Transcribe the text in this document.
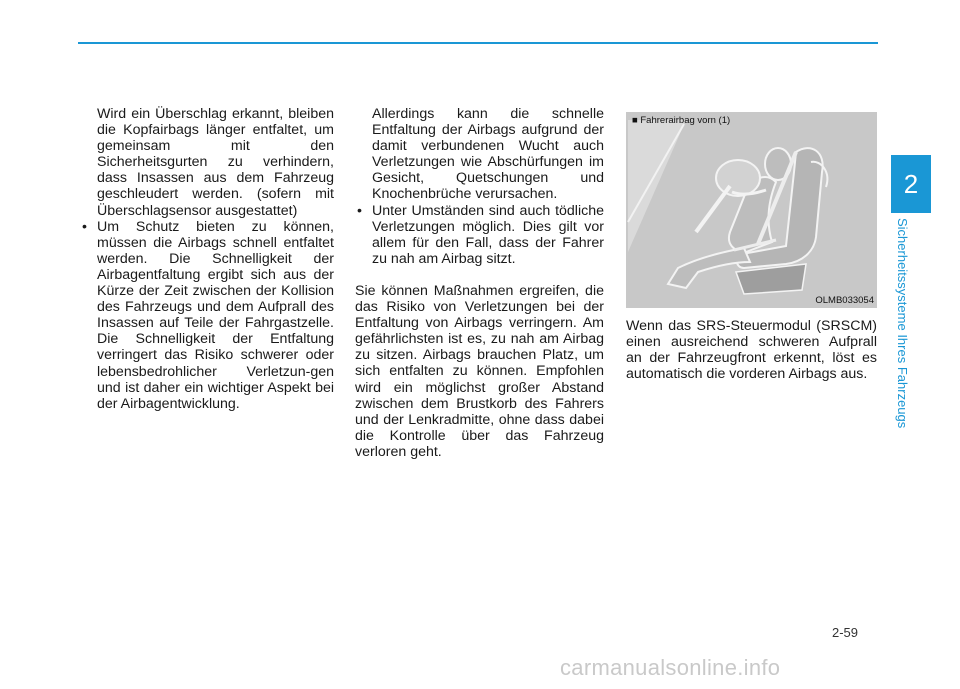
2
Sicherheitssysteme Ihres Fahrzeugs

Wird ein Überschlag erkannt, bleiben die Kopfairbags länger entfaltet, um gemeinsam mit den Sicherheitsgurten zu verhindern, dass Insassen aus dem Fahrzeug geschleudert werden. (sofern mit Überschlagsensor ausgestattet)

• Um Schutz bieten zu können, müssen die Airbags schnell entfaltet werden. Die Schnelligkeit der Airbagentfaltung ergibt sich aus der Kürze der Zeit zwischen der Kollision des Fahrzeugs und dem Aufprall des Insassen auf Teile der Fahrgastzelle. Die Schnelligkeit der Entfaltung verringert das Risiko schwerer oder lebensbedrohlicher Verletzun-gen und ist daher ein wichtiger Aspekt bei der Airbagentwicklung.

Allerdings kann die schnelle Entfaltung der Airbags aufgrund der damit verbundenen Wucht auch Verletzungen wie Abschürfungen im Gesicht, Quetschungen und Knochenbrüche verursachen.

• Unter Umständen sind auch tödliche Verletzungen möglich. Dies gilt vor allem für den Fall, dass der Fahrer zu nah am Airbag sitzt.

Sie können Maßnahmen ergreifen, die das Risiko von Verletzungen bei der Entfaltung von Airbags verringern. Am gefährlichsten ist es, zu nah am Airbag zu sitzen. Airbags brauchen Platz, um sich entfalten zu können. Empfohlen wird ein möglichst großer Abstand zwischen dem Brustkorb des Fahrers und der Lenkradmitte, ohne dass dabei die Kontrolle über das Fahrzeug verloren geht.

■ Fahrerairbag vorn (1)
OLMB033054

Wenn das SRS-Steuermodul (SRSCM) einen ausreichend schweren Aufprall an der Fahrzeugfront erkennt, löst es automatisch die vorderen Airbags aus.

2-59
carmanualsonline.info
